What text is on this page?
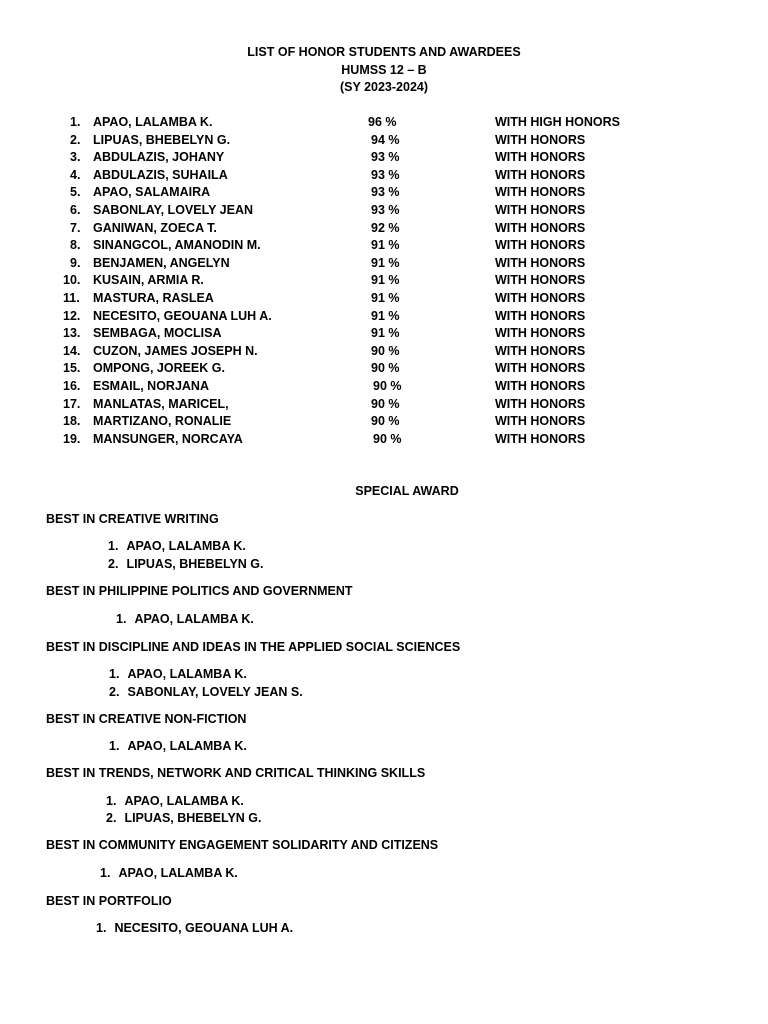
LIST OF HONOR STUDENTS AND AWARDEES
HUMSS 12 – B
(SY 2023-2024)
1. APAO, LALAMBA K.	96 %	WITH HIGH HONORS
2. LIPUAS, BHEBELYN G.	94 %	WITH HONORS
3. ABDULAZIS, JOHANY	93 %	WITH HONORS
4. ABDULAZIS, SUHAILA	93 %	WITH HONORS
5. APAO, SALAMAIRA	93 %	WITH HONORS
6. SABONLAY, LOVELY JEAN	93 %	WITH HONORS
7. GANIWAN, ZOECA T.	92 %	WITH HONORS
8. SINANGCOL, AMANODIN M.	91 %	WITH HONORS
9. BENJAMEN, ANGELYN	91 %	WITH HONORS
10. KUSAIN, ARMIA R.	91 %	WITH HONORS
11. MASTURA, RASLEA	91 %	WITH HONORS
12. NECESITO, GEOUANA LUH A.	91 %	WITH HONORS
13. SEMBAGA, MOCLISA	91 %	WITH HONORS
14. CUZON, JAMES JOSEPH N.	90 %	WITH HONORS
15. OMPONG, JOREEK G.	90 %	WITH HONORS
16. ESMAIL, NORJANA	90 %	WITH HONORS
17. MANLATAS, MARICEL,	90 %	WITH HONORS
18. MARTIZANO, RONALIE	90 %	WITH HONORS
19. MANSUNGER, NORCAYA	90 %	WITH HONORS
SPECIAL AWARD
BEST IN CREATIVE WRITING
1. APAO, LALAMBA K.
2. LIPUAS, BHEBELYN G.
BEST IN PHILIPPINE POLITICS AND GOVERNMENT
1. APAO, LALAMBA K.
BEST IN DISCIPLINE AND IDEAS IN THE APPLIED SOCIAL SCIENCES
1. APAO, LALAMBA K.
2. SABONLAY, LOVELY JEAN S.
BEST IN CREATIVE NON-FICTION
1. APAO, LALAMBA K.
BEST IN TRENDS, NETWORK AND CRITICAL THINKING SKILLS
1. APAO, LALAMBA K.
2. LIPUAS, BHEBELYN G.
BEST IN COMMUNITY ENGAGEMENT SOLIDARITY AND CITIZENS
1. APAO, LALAMBA K.
BEST IN PORTFOLIO
1. NECESITO, GEOUANA LUH A.
